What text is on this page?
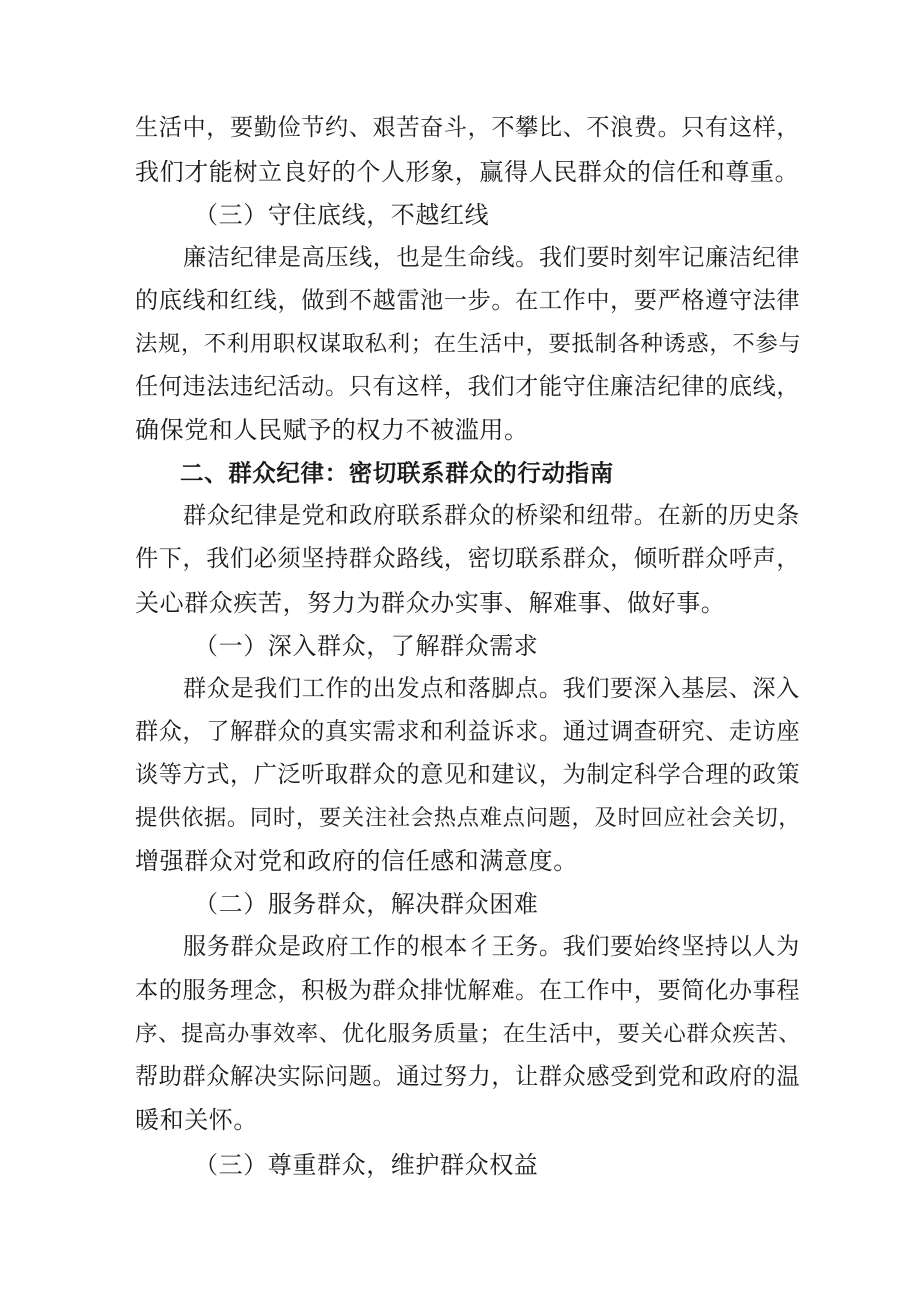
生活中，要勤俭节约、艰苦奋斗，不攀比、不浪费。只有这样，
我们才能树立良好的个人形象，赢得人民群众的信任和尊重。
（三）守住底线，不越红线
廉洁纪律是高压线，也是生命线。我们要时刻牢记廉洁纪律
的底线和红线，做到不越雷池一步。在工作中，要严格遵守法律
法规，不利用职权谋取私利；在生活中，要抵制各种诱惑，不参与
任何违法违纪活动。只有这样，我们才能守住廉洁纪律的底线，
确保党和人民赋予的权力不被滥用。
二、群众纪律：密切联系群众的行动指南
群众纪律是党和政府联系群众的桥梁和纽带。在新的历史条
件下，我们必须坚持群众路线，密切联系群众，倾听群众呼声，
关心群众疾苦，努力为群众办实事、解难事、做好事。
（一）深入群众，了解群众需求
群众是我们工作的出发点和落脚点。我们要深入基层、深入
群众，了解群众的真实需求和利益诉求。通过调查研究、走访座
谈等方式，广泛听取群众的意见和建议，为制定科学合理的政策
提供依据。同时，要关注社会热点难点问题，及时回应社会关切，
增强群众对党和政府的信任感和满意度。
（二）服务群众，解决群众困难
服务群众是政府工作的根本彳王务。我们要始终坚持以人为
本的服务理念，积极为群众排忧解难。在工作中，要简化办事程
序、提高办事效率、优化服务质量；在生活中，要关心群众疾苦、
帮助群众解决实际问题。通过努力，让群众感受到党和政府的温
暖和关怀。
（三）尊重群众，维护群众权益
